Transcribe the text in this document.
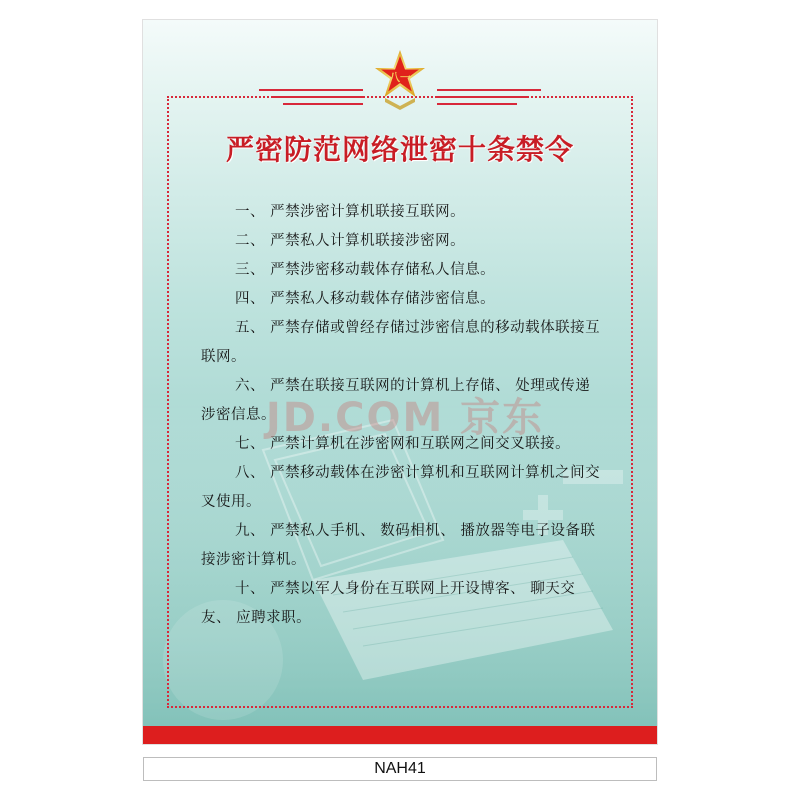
八一
严密防范网络泄密十条禁令
一、 严禁涉密计算机联接互联网。
二、 严禁私人计算机联接涉密网。
三、 严禁涉密移动载体存储私人信息。
四、 严禁私人移动载体存储涉密信息。
五、 严禁存储或曾经存储过涉密信息的移动载体联接互联网。
六、 严禁在联接互联网的计算机上存储、 处理或传递涉密信息。
七、 严禁计算机在涉密网和互联网之间交叉联接。
八、 严禁移动载体在涉密计算机和互联网计算机之间交叉使用。
九、 严禁私人手机、 数码相机、 播放器等电子设备联接涉密计算机。
十、 严禁以军人身份在互联网上开设博客、 聊天交友、 应聘求职。
JD.COM 京东
NAH41
